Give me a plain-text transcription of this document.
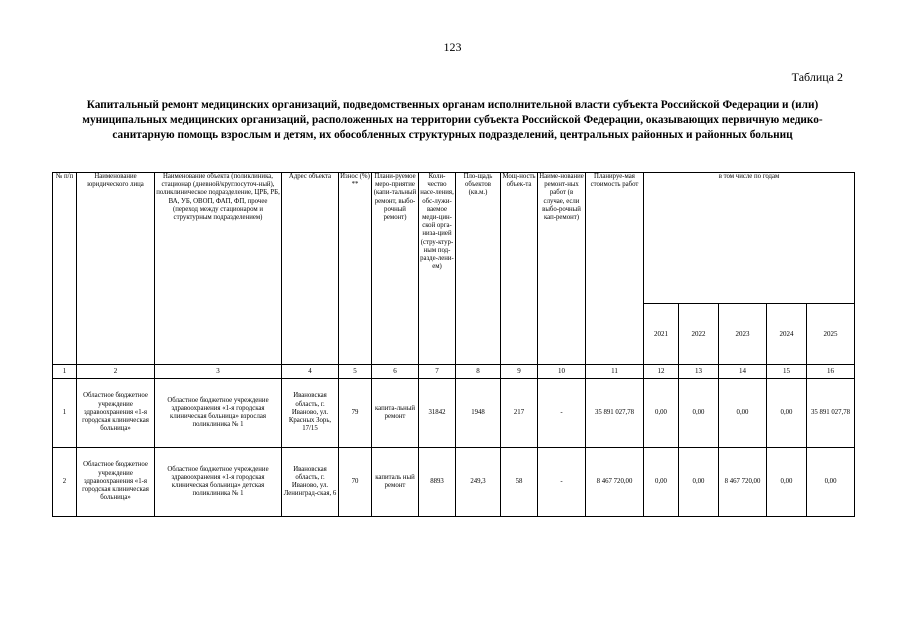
123
Таблица 2
Капитальный ремонт медицинских организаций, подведомственных органам исполнительной власти субъекта Российской Федерации и (или) муниципальных медицинских организаций, расположенных на территории субъекта Российской Федерации, оказывающих первичную медико-санитарную помощь взрослым и детям, их обособленных структурных подразделений, центральных районных и районных больниц
№ п/п	Наименование юридического лица	Наименование объекта (поликлиника, стационар (дневной/круглосуточ-ный), поликлиническое подразделение, ЦРБ, РБ, ВА, УБ, ОВОП, ФАП, ФП, прочее (переход между стационаром и структурным подразделением)	Адрес объекта	Износ (%) **	Плани-руемое меро-приятие (капи-тальный ремонт, выбо-рочный ремонт)	Коли-чество насе-ления, обс-лужи-ваемое меди-цин-ской орга-низа-цией (стру-ктур-ным под-разде-лени-ем)	Пло-щадь объектов (кв.м.)	Мощ-ность объек-та	Наиме-нование ремонт-ных работ (в случае, если выбо-рочный кап-ремонт)	Планируе-мая стоимость работ	в том числе по годам				
											2021	2022	2023	2024	2025
1	2	3	4	5	6	7	8	9	10	11	12	13	14	15	16
1	Областное бюджетное учреждение здравоохранения «1-я городская клиническая больница»	Областное бюджетное учреждение здравоохранения «1-я городская клиническая больница» взрослая поликлиника № 1	Ивановская область, г. Иваново, ул. Красных Зорь, 17/15	79	капита-льный ремонт	31842	1948	217	-	35 891 027,78	0,00	0,00	0,00	0,00	35 891 027,78
2	Областное бюджетное учреждение здравоохранения «1-я городская клиническая больница»	Областное бюджетное учреждение здравоохранения «1-я городская клиническая больница» детская поликлиника № 1	Ивановская область, г. Иваново, ул. Ленинград-ская, 6	70	капиталь ный ремонт	8893	249,3	58	-	8 467 720,00	0,00	0,00	8 467 720,00	0,00	0,00
